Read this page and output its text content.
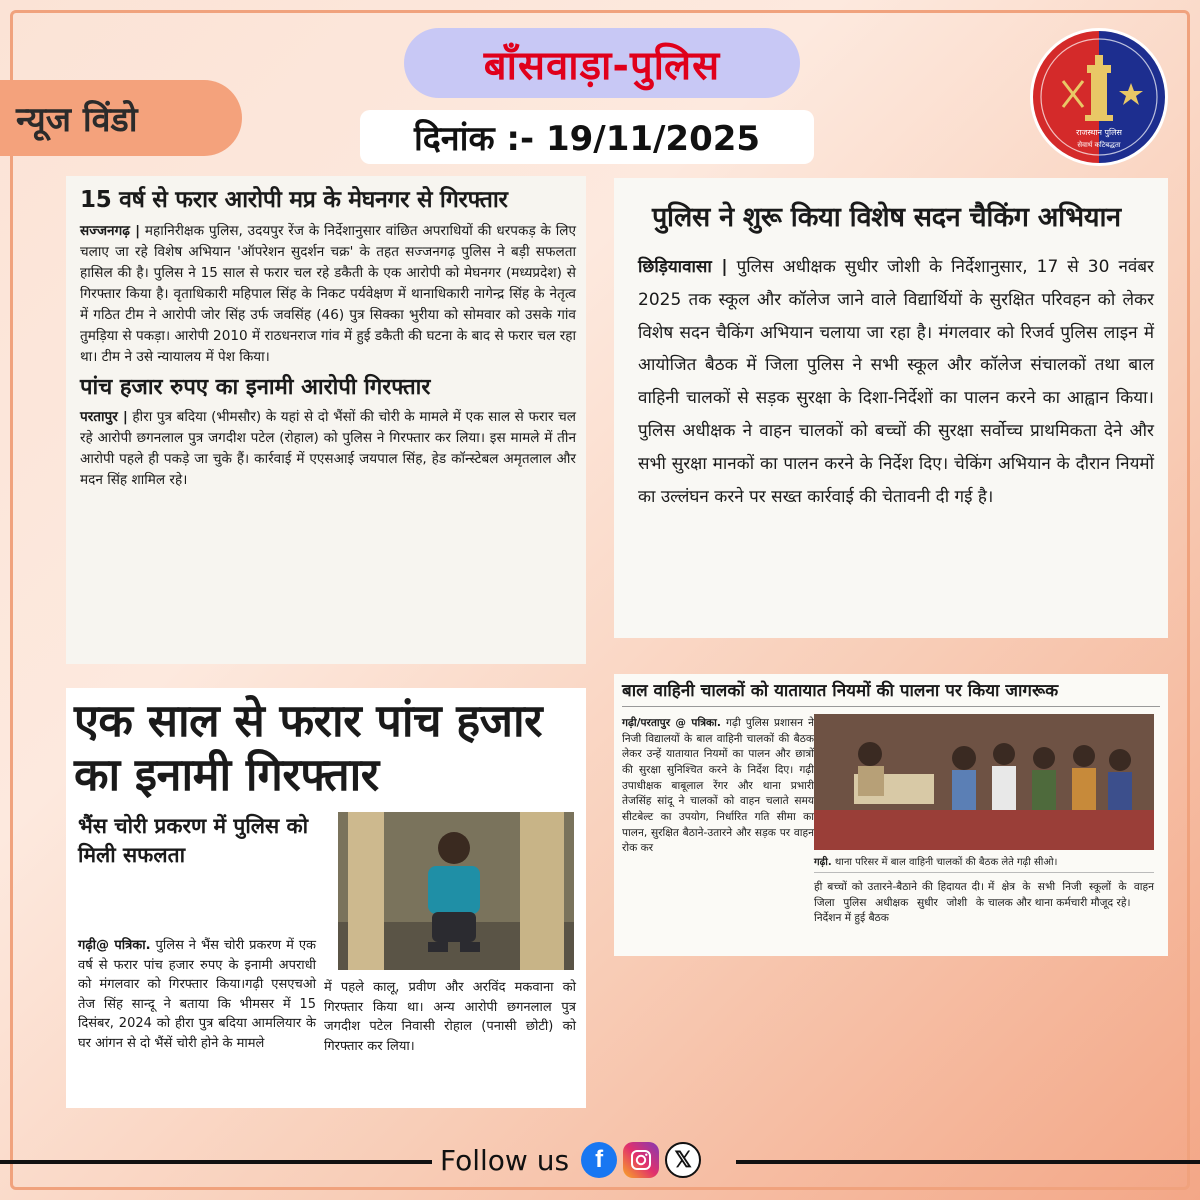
बाँसवाड़ा-पुलिस
न्यूज विंडो	दिनांक :- 19/11/2025	राजस्थान पुलिस
सेवार्थ कटिबद्धता
15 वर्ष से फरार आरोपी मप्र के मेघनगर से गिरफ्तार

सज्जनगढ़ | महानिरीक्षक पुलिस, उदयपुर रेंज के निर्देशानुसार वांछित अपराधियों की धरपकड़ के लिए चलाए जा रहे विशेष अभियान 'ऑपरेशन सुदर्शन चक्र' के तहत सज्जनगढ़ पुलिस ने बड़ी सफलता हासिल की है। पुलिस ने 15 साल से फरार चल रहे डकैती के एक आरोपी को मेघनगर (मध्यप्रदेश) से गिरफ्तार किया है। वृताधिकारी महिपाल सिंह के निकट पर्यवेक्षण में थानाधिकारी नागेन्द्र सिंह के नेतृत्व में गठित टीम ने आरोपी जोर सिंह उर्फ जवसिंह (46) पुत्र सिक्का भुरीया को सोमवार को उसके गांव तुमड़िया से पकड़ा। आरोपी 2010 में राठधनराज गांव में हुई डकैती की घटना के बाद से फरार चल रहा था। टीम ने उसे न्यायालय में पेश किया।

पांच हजार रुपए का इनामी आरोपी गिरफ्तार

परतापुर | हीरा पुत्र बदिया (भीमसौर) के यहां से दो भैंसों की चोरी के मामले में एक साल से फरार चल रहे आरोपी छगनलाल पुत्र जगदीश पटेल (रोहाल) को पुलिस ने गिरफ्तार कर लिया। इस मामले में तीन आरोपी पहले ही पकड़े जा चुके हैं। कार्रवाई में एएसआई जयपाल सिंह, हेड कॉन्स्टेबल अमृतलाल और मदन सिंह शामिल रहे।

पुलिस ने शुरू किया विशेष सदन चैकिंग अभियान

छिड़ियावासा | पुलिस अधीक्षक सुधीर जोशी के निर्देशानुसार, 17 से 30 नवंबर 2025 तक स्कूल और कॉलेज जाने वाले विद्यार्थियों के सुरक्षित परिवहन को लेकर विशेष सदन चैकिंग अभियान चलाया जा रहा है। मंगलवार को रिजर्व पुलिस लाइन में आयोजित बैठक में जिला पुलिस ने सभी स्कूल और कॉलेज संचालकों तथा बाल वाहिनी चालकों से सड़क सुरक्षा के दिशा-निर्देशों का पालन करने का आह्वान किया। पुलिस अधीक्षक ने वाहन चालकों को बच्चों की सुरक्षा सर्वोच्च प्राथमिकता देने और सभी सुरक्षा मानकों का पालन करने के निर्देश दिए। चेकिंग अभियान के दौरान नियमों का उल्लंघन करने पर सख्त कार्रवाई की चेतावनी दी गई है।

एक साल से फरार पांच हजार का इनामी गिरफ्तार
भैंस चोरी प्रकरण में पुलिस को मिली सफलता

गढ़ी@ पत्रिका. पुलिस ने भैंस चोरी प्रकरण में एक वर्ष से फरार पांच हजार रुपए के इनामी अपराधी को मंगलवार को गिरफ्तार किया।गढ़ी एसएचओ तेज सिंह सान्दू ने बताया कि भीमसर में 15 दिसंबर, 2024 को हीरा पुत्र बदिया आमलियार के घर आंगन से दो भैंसें चोरी होने के मामले

में पहले कालू, प्रवीण और अरविंद मकवाना को गिरफ्तार किया था। अन्य आरोपी छगनलाल पुत्र जगदीश पटेल निवासी रोहाल (पनासी छोटी) को गिरफ्तार कर लिया।

बाल वाहिनी चालकों को यातायात नियमों की पालना पर किया जागरूक

गढ़ी/परतापुर @ पत्रिका. गढ़ी पुलिस प्रशासन ने निजी विद्यालयों के बाल वाहिनी चालकों की बैठक लेकर उन्हें यातायात नियमों का पालन और छात्रों की सुरक्षा सुनिश्चित करने के निर्देश दिए। गढ़ी उपाधीक्षक बाबूलाल रेंगर और थाना प्रभारी तेजसिंह सांदू ने चालकों को वाहन चलाते समय सीटबेल्ट का उपयोग, निर्धारित गति सीमा का पालन, सुरक्षित बैठाने-उतारने और सड़क पर वाहन रोक कर

गढ़ी. थाना परिसर में बाल वाहिनी चालकों की बैठक लेते गढ़ी सीओ।

ही बच्चों को उतारने-बैठाने की हिदायत दी। जिला पुलिस अधीक्षक सुधीर जोशी के निर्देशन में हुई बैठक

में क्षेत्र के सभी निजी स्कूलों के वाहन चालक और थाना कर्मचारी मौजूद रहे।

Follow us	f	𝕏
